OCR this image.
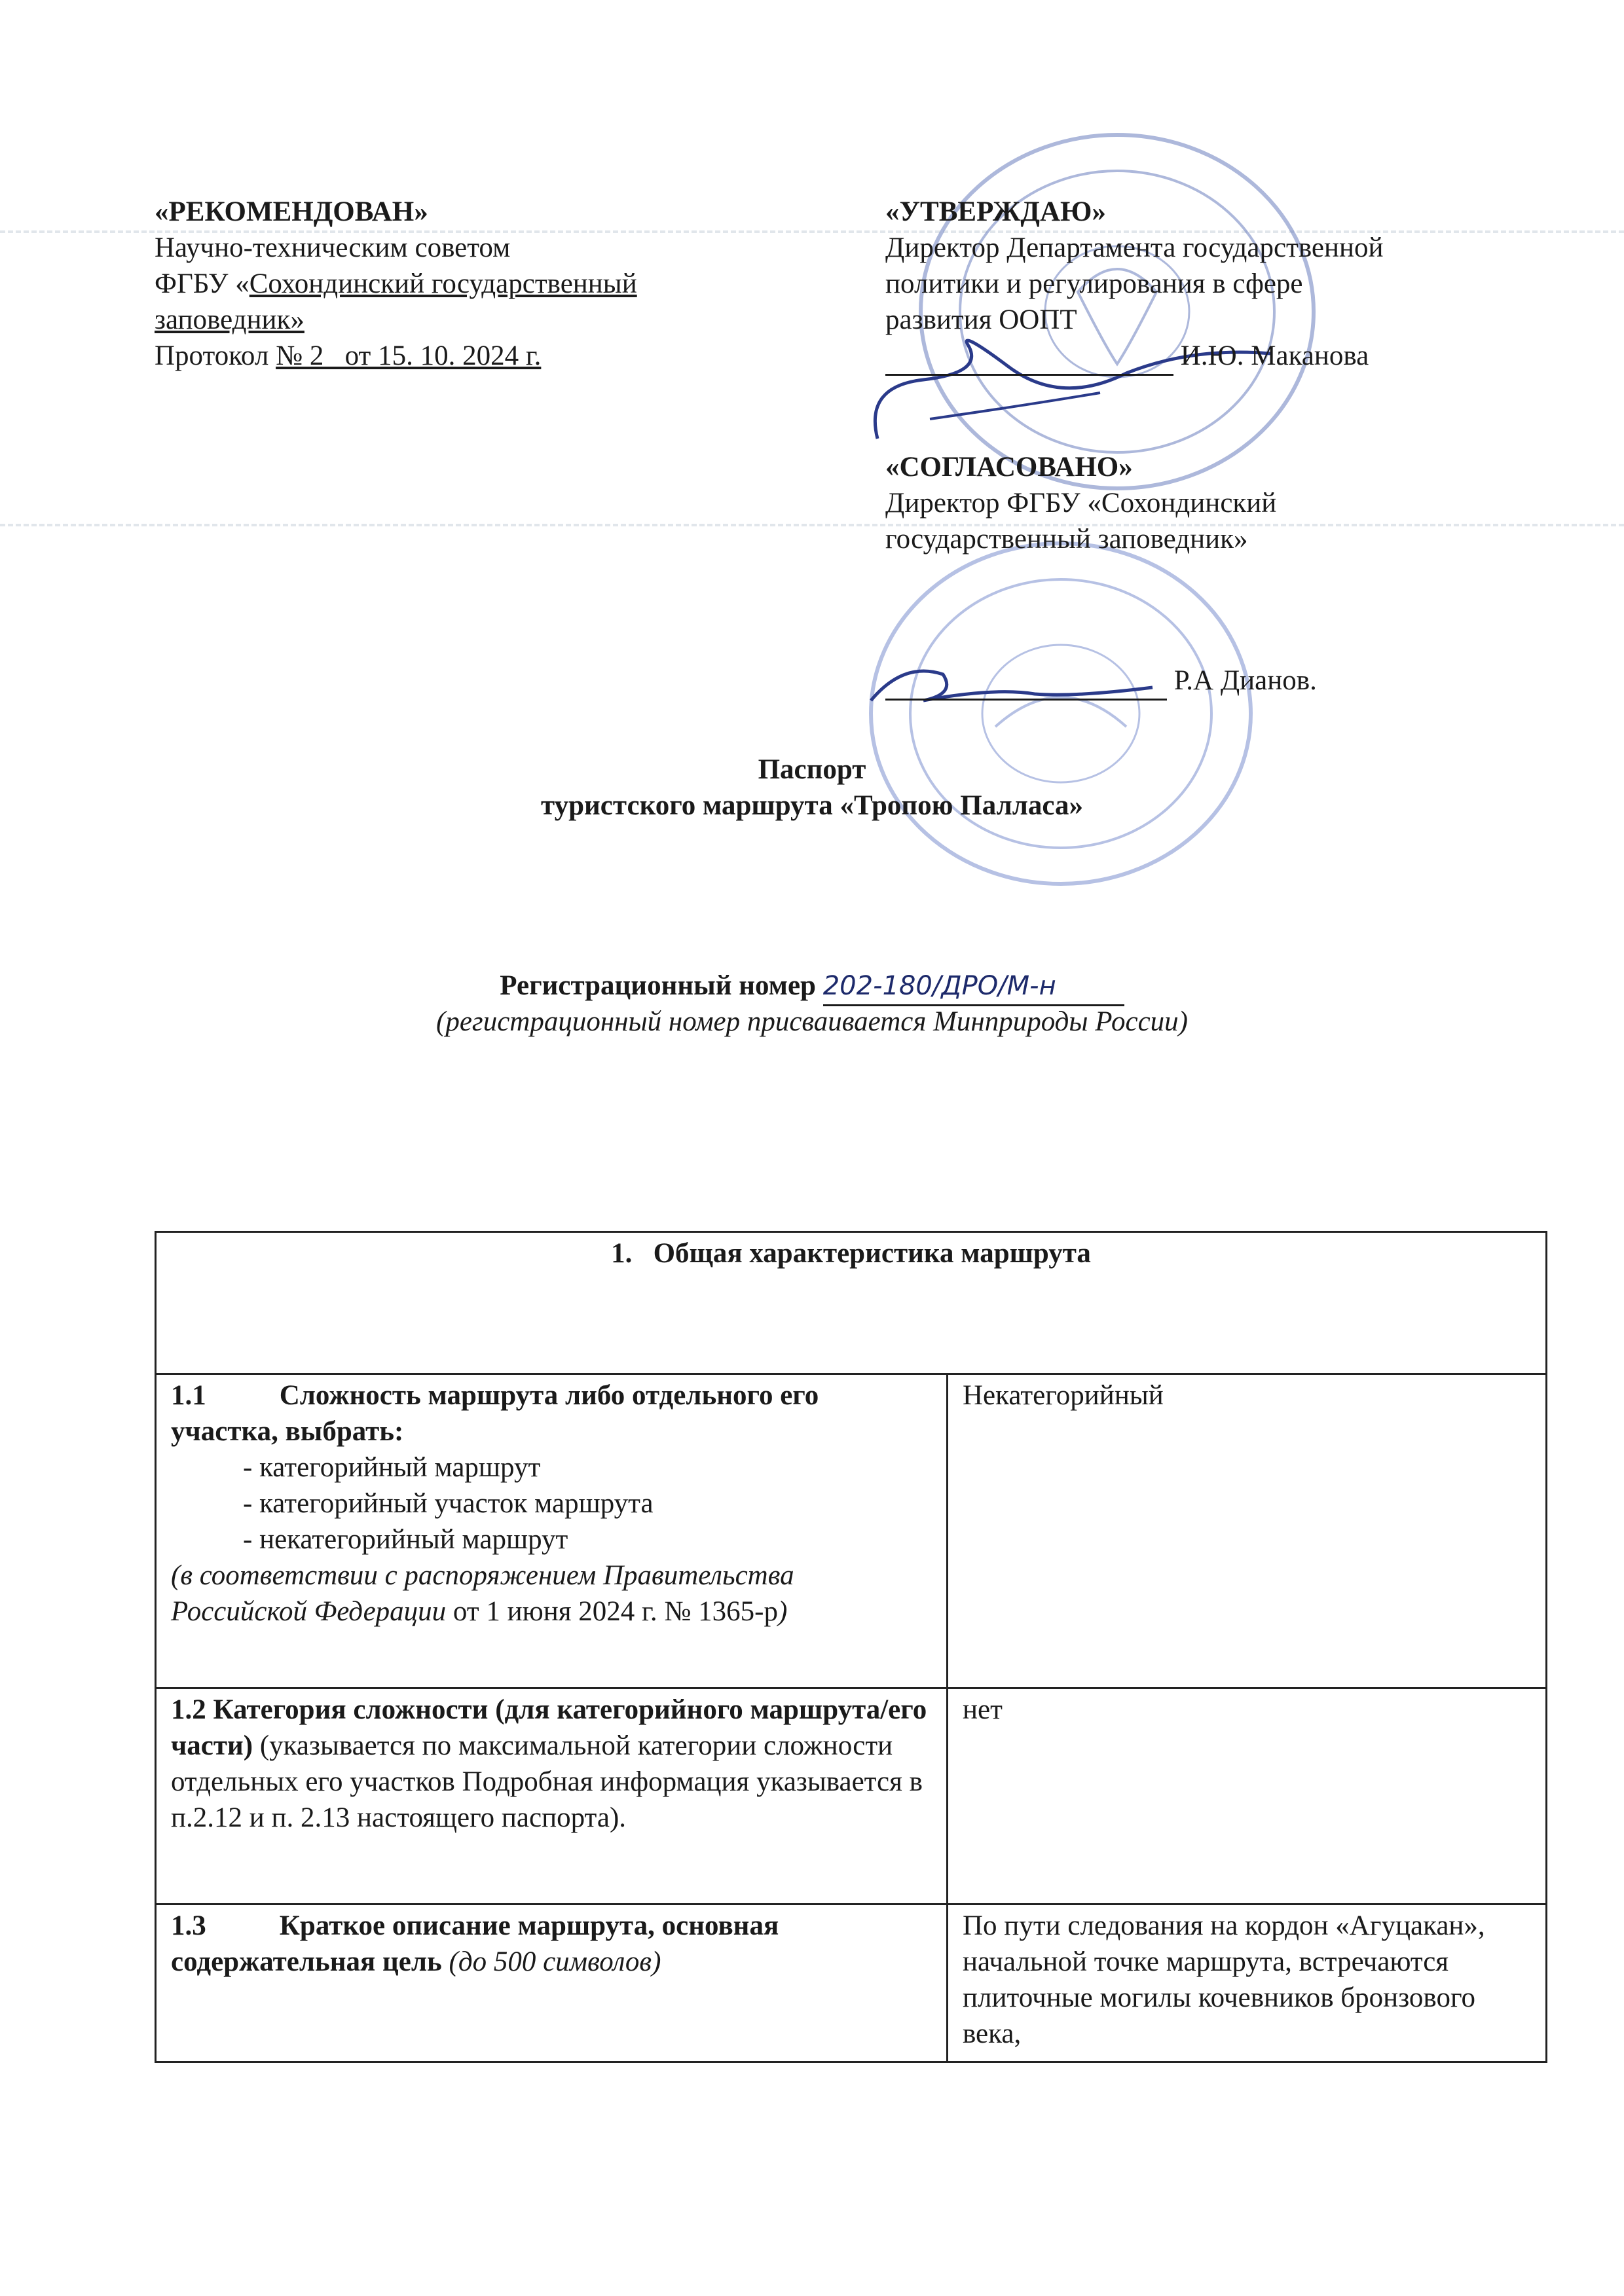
«РЕКОМЕНДОВАН»
Научно-техническим советом
ФГБУ «Сохондинский государственный
заповедник»
Протокол № 2   от 15. 10. 2024 г.
«УТВЕРЖДАЮ»
Директор Департамента государственной
политики и регулирования в сфере
развития ООПТ
И.Ю. Маканова
«СОГЛАСОВАНО»
Директор ФГБУ «Сохондинский
государственный заповедник»
Р.А Дианов.
Паспорт
туристского маршрута «Тропою Палласа»
Регистрационный номер 202-180/ДРО/М-н
(регистрационный номер присваивается Минприроды России)
1.   Общая характеристика маршрута	
1.1 Сложность маршрута либо отдельного его участка, выбрать:
- категорийный маршрут
- категорийный участок маршрута
- некатегорийный маршрут
(в соответствии с распоряжением Правительства Российской Федерации от 1 июня 2024 г. № 1365-р)	Некатегорийный
1.2 Категория сложности (для категорийного маршрута/его части) (указывается по максимальной категории сложности отдельных его участков Подробная информация указывается в п.2.12 и п. 2.13 настоящего паспорта).	нет
1.3 Краткое описание маршрута, основная содержательная цель (до 500 символов)	По пути следования на кордон «Агуцакан», начальной точке маршрута, встречаются плиточные могилы кочевников бронзового века,
